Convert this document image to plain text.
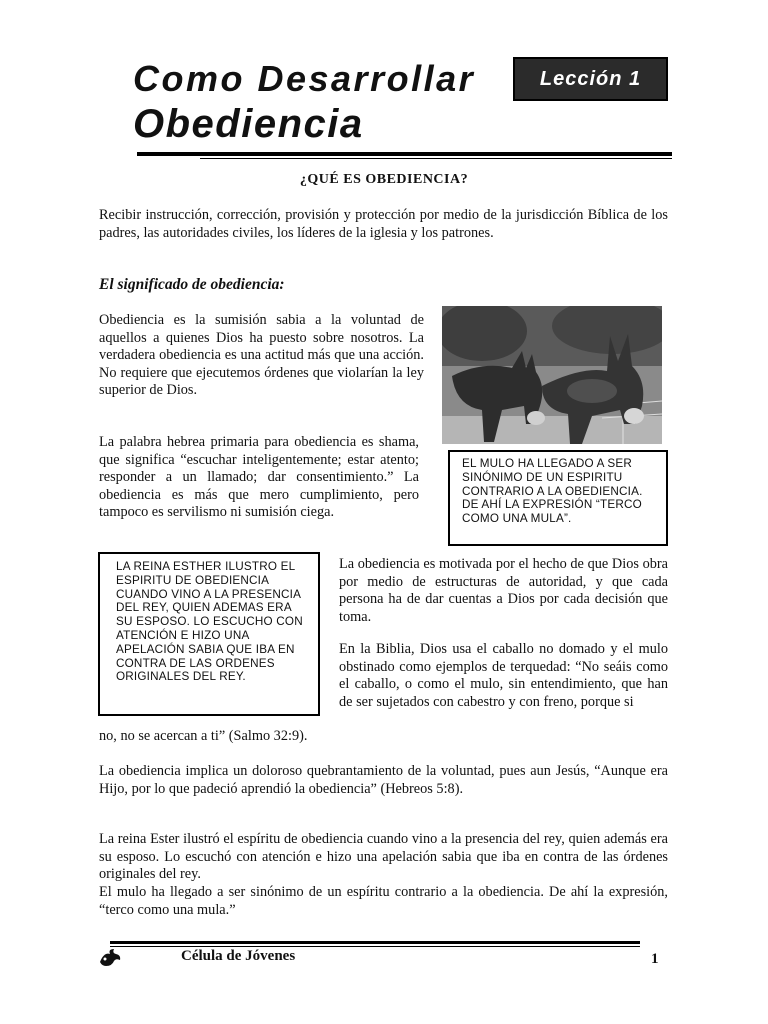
Como Desarrollar
Obediencia
Lección 1
¿QUÉ ES OBEDIENCIA?
Recibir instrucción, corrección, provisión y protección por medio de la jurisdicción Bíblica de los padres, las autoridades civiles, los líderes de la iglesia y los patrones.
El significado de obediencia:
Obediencia es la sumisión sabia a la voluntad de aquellos a quienes Dios ha puesto sobre nosotros. La verdadera obediencia es una actitud más que una acción. No requiere que ejecutemos órdenes que violarían la ley superior de Dios.
La palabra hebrea primaria para obediencia es shama, que significa “escuchar inteligentemente; estar atento; responder a un llamado; dar consentimiento.” La obediencia es más que mero cumplimiento, pero tampoco es servilismo ni sumisión ciega.
EL MULO HA LLEGADO A SER SINÓNIMO DE UN ESPIRITU CONTRARIO A LA OBEDIENCIA. DE AHÍ LA EXPRESIÓN “TERCO COMO UNA MULA”.
LA REINA ESTHER ILUSTRO EL ESPIRITU DE OBEDIENCIA CUANDO VINO A LA PRESENCIA DEL REY, QUIEN ADEMAS ERA SU ESPOSO. LO ESCUCHO CON ATENCIÓN E HIZO UNA APELACIÓN SABIA QUE IBA EN CONTRA DE LAS ORDENES ORIGINALES DEL REY.
La obediencia es motivada por el hecho de que Dios obra por medio de estructuras de autoridad, y que cada persona ha de dar cuentas a Dios por cada decisión que toma.
En la Biblia, Dios usa el caballo no domado y el mulo obstinado como ejemplos de terquedad: “No seáis como el caballo, o como el mulo, sin entendimiento, que han de ser sujetados con cabestro y con freno, porque si
no, no se acercan a ti” (Salmo 32:9).
La obediencia implica un doloroso quebrantamiento de la voluntad, pues aun Jesús, “Aunque era Hijo, por lo que padeció aprendió la obediencia” (Hebreos 5:8).
La reina Ester ilustró el espíritu de obediencia cuando vino a la presencia del rey, quien además era su esposo. Lo escuchó con atención e hizo una apelación sabia que iba en contra de las órdenes originales del rey.
El mulo ha llegado a ser sinónimo de un espíritu contrario a la obediencia. De ahí la expresión, “terco como una mula.”
Célula de Jóvenes	1
